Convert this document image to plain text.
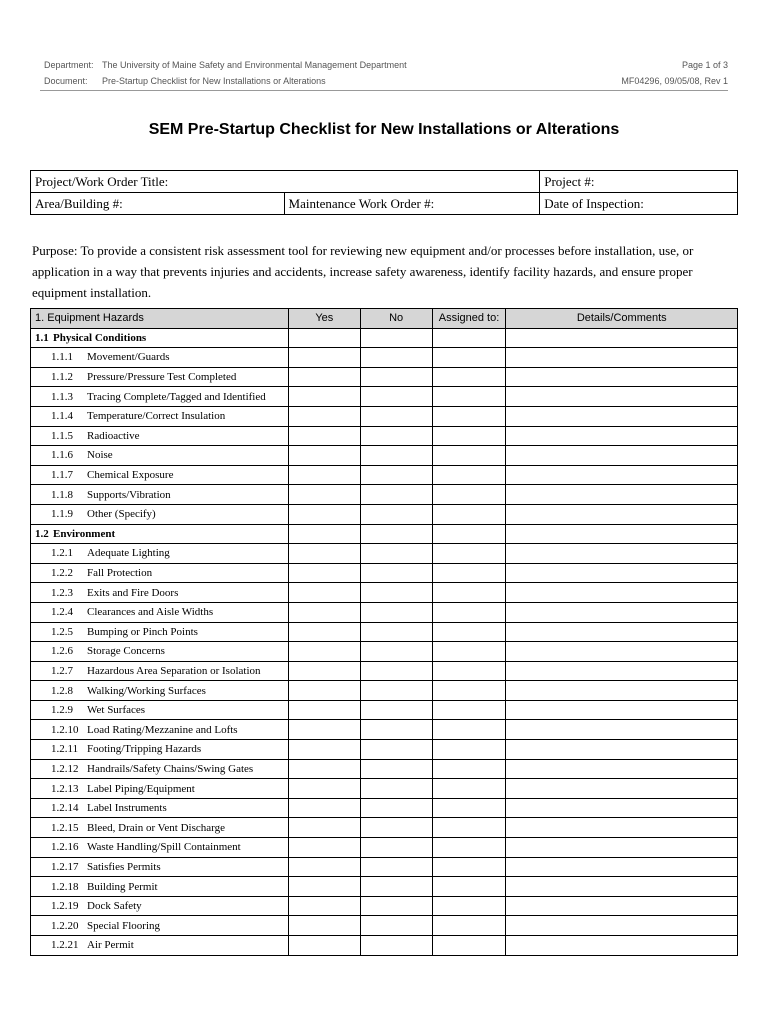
Department: The University of Maine Safety and Environmental Management Department	Page 1 of 3
Document: Pre-Startup Checklist for New Installations or Alterations	MF04296, 09/05/08, Rev 1
SEM Pre-Startup Checklist for New Installations or Alterations
Project/Work Order Title:		Project #:
Area/Building #:	Maintenance Work Order #:	Date of Inspection:
Purpose: To provide a consistent risk assessment tool for reviewing new equipment and/or processes before installation, use, or application in a way that prevents injuries and accidents, increase safety awareness, identify facility hazards, and ensure proper equipment installation.
1. Equipment Hazards	Yes	No	Assigned to:	Details/Comments
1.1 Physical Conditions				
1.1.1 Movement/Guards				
1.1.2 Pressure/Pressure Test Completed				
1.1.3 Tracing Complete/Tagged and Identified				
1.1.4 Temperature/Correct Insulation				
1.1.5 Radioactive				
1.1.6 Noise				
1.1.7 Chemical Exposure				
1.1.8 Supports/Vibration				
1.1.9 Other (Specify)				
1.2 Environment				
1.2.1 Adequate Lighting				
1.2.2 Fall Protection				
1.2.3 Exits and Fire Doors				
1.2.4 Clearances and Aisle Widths				
1.2.5 Bumping or Pinch Points				
1.2.6 Storage Concerns				
1.2.7 Hazardous Area Separation or Isolation				
1.2.8 Walking/Working Surfaces				
1.2.9 Wet Surfaces				
1.2.10 Load Rating/Mezzanine and Lofts				
1.2.11 Footing/Tripping Hazards				
1.2.12 Handrails/Safety Chains/Swing Gates				
1.2.13 Label Piping/Equipment				
1.2.14 Label Instruments				
1.2.15 Bleed, Drain or Vent Discharge				
1.2.16 Waste Handling/Spill Containment				
1.2.17 Satisfies Permits				
1.2.18 Building Permit				
1.2.19 Dock Safety				
1.2.20 Special Flooring				
1.2.21 Air Permit				
